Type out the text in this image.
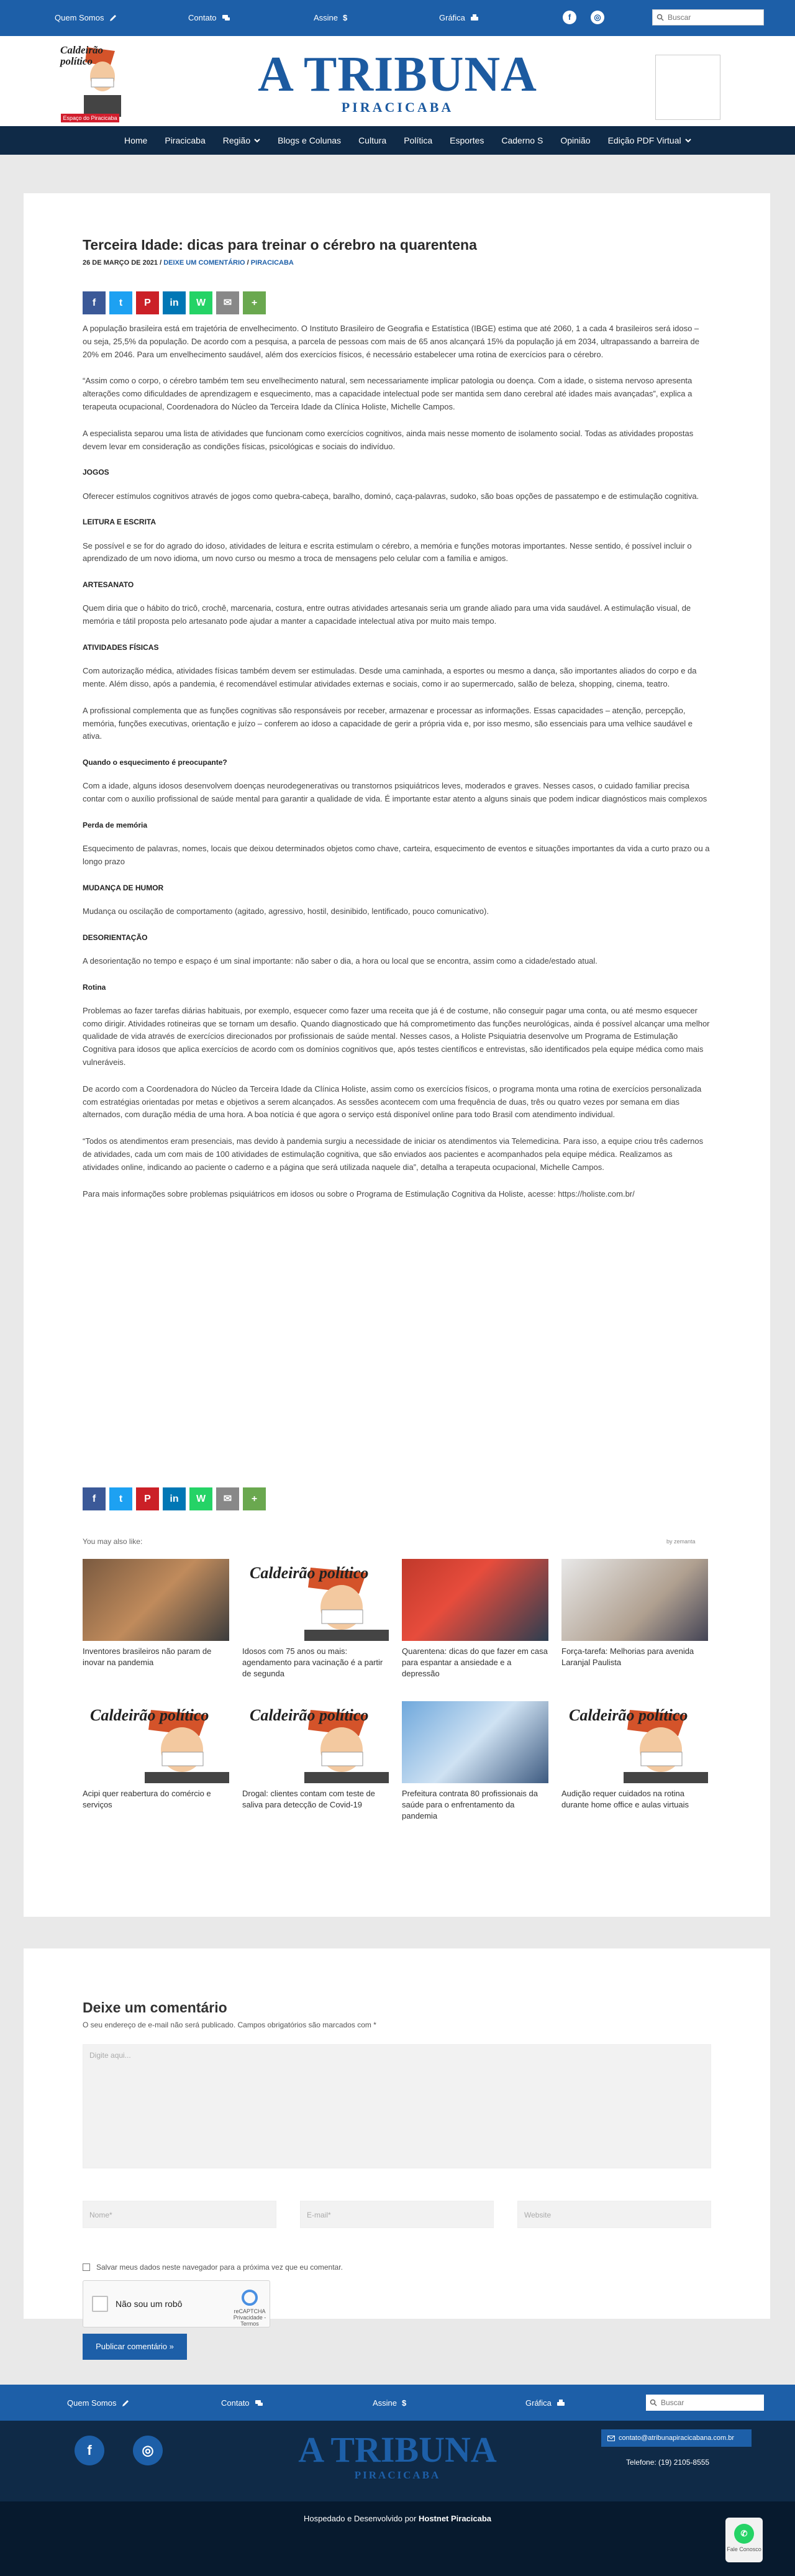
Quem Somos	Contato	Assine $	Gráfica	f	◎
Buscar
Caldeirão político
Espaço do Piracicaba
A TRIBUNA
PIRACICABA
Home Piracicaba Região	Blogs e Colunas Cultura Política Esportes Caderno S Opinião Edição PDF Virtual
Terceira Idade: dicas para treinar o cérebro na quarentena
26 DE MARÇO DE 2021 / DEIXE UM COMENTÁRIO / PIRACICABA
f	t	P	in	W	✉	+

A população brasileira está em trajetória de envelhecimento. O Instituto Brasileiro de Geografia e Estatística (IBGE) estima que até 2060, 1 a cada 4 brasileiros será idoso – ou seja, 25,5% da população. De acordo com a pesquisa, a parcela de pessoas com mais de 65 anos alcançará 15% da população já em 2034, ultrapassando a barreira de 20% em 2046. Para um envelhecimento saudável, além dos exercícios físicos, é necessário estabelecer uma rotina de exercícios para o cérebro.

“Assim como o corpo, o cérebro também tem seu envelhecimento natural, sem necessariamente implicar patologia ou doença. Com a idade, o sistema nervoso apresenta alterações como dificuldades de aprendizagem e esquecimento, mas a capacidade intelectual pode ser mantida sem dano cerebral até idades mais avançadas”, explica a terapeuta ocupacional, Coordenadora do Núcleo da Terceira Idade da Clínica Holiste, Michelle Campos.

A especialista separou uma lista de atividades que funcionam como exercícios cognitivos, ainda mais nesse momento de isolamento social. Todas as atividades propostas devem levar em consideração as condições físicas, psicológicas e sociais do indivíduo.

JOGOS

Oferecer estímulos cognitivos através de jogos como quebra-cabeça, baralho, dominó, caça-palavras, sudoko, são boas opções de passatempo e de estimulação cognitiva.

LEITURA E ESCRITA

Se possível e se for do agrado do idoso, atividades de leitura e escrita estimulam o cérebro, a memória e funções motoras importantes. Nesse sentido, é possível incluir o aprendizado de um novo idioma, um novo curso ou mesmo a troca de mensagens pelo celular com a família e amigos.

ARTESANATO

Quem diria que o hábito do tricô, crochê, marcenaria, costura, entre outras atividades artesanais seria um grande aliado para uma vida saudável. A estimulação visual, de memória e tátil proposta pelo artesanato pode ajudar a manter a capacidade intelectual ativa por muito mais tempo.

ATIVIDADES FÍSICAS

Com autorização médica, atividades físicas também devem ser estimuladas. Desde uma caminhada, a esportes ou mesmo a dança, são importantes aliados do corpo e da mente. Além disso, após a pandemia, é recomendável estimular atividades externas e sociais, como ir ao supermercado, salão de beleza, shopping, cinema, teatro.

A profissional complementa que as funções cognitivas são responsáveis por receber, armazenar e processar as informações. Essas capacidades – atenção, percepção, memória, funções executivas, orientação e juízo – conferem ao idoso a capacidade de gerir a própria vida e, por isso mesmo, são essenciais para uma velhice saudável e ativa.

Quando o esquecimento é preocupante?

Com a idade, alguns idosos desenvolvem doenças neurodegenerativas ou transtornos psiquiátricos leves, moderados e graves. Nesses casos, o cuidado familiar precisa contar com o auxílio profissional de saúde mental para garantir a qualidade de vida. É importante estar atento a alguns sinais que podem indicar diagnósticos mais complexos

Perda de memória

Esquecimento de palavras, nomes, locais que deixou determinados objetos como chave, carteira, esquecimento de eventos e situações importantes da vida a curto prazo ou a longo prazo

MUDANÇA DE HUMOR

Mudança ou oscilação de comportamento (agitado, agressivo, hostil, desinibido, lentificado, pouco comunicativo).

DESORIENTAÇÃO

A desorientação no tempo e espaço é um sinal importante: não saber o dia, a hora ou local que se encontra, assim como a cidade/estado atual.

Rotina

Problemas ao fazer tarefas diárias habituais, por exemplo, esquecer como fazer uma receita que já é de costume, não conseguir pagar uma conta, ou até mesmo esquecer como dirigir. Atividades rotineiras que se tornam um desafio. Quando diagnosticado que há comprometimento das funções neurológicas, ainda é possível alcançar uma melhor qualidade de vida através de exercícios direcionados por profissionais de saúde mental. Nesses casos, a Holiste Psiquiatria desenvolve um Programa de Estimulação Cognitiva para idosos que aplica exercícios de acordo com os domínios cognitivos que, após testes científicos e entrevistas, são identificados pela equipe médica como mais vulneráveis.

De acordo com a Coordenadora do Núcleo da Terceira Idade da Clínica Holiste, assim como os exercícios físicos, o programa monta uma rotina de exercícios personalizada com estratégias orientadas por metas e objetivos a serem alcançados. As sessões acontecem com uma frequência de duas, três ou quatro vezes por semana em dias alternados, com duração média de uma hora. A boa notícia é que agora o serviço está disponível online para todo Brasil com atendimento individual.

“Todos os atendimentos eram presenciais, mas devido à pandemia surgiu a necessidade de iniciar os atendimentos via Telemedicina. Para isso, a equipe criou três cadernos de atividades, cada um com mais de 100 atividades de estimulação cognitiva, que são enviados aos pacientes e acompanhados pela equipe médica. Realizamos as atividades online, indicando ao paciente o caderno e a página que será utilizada naquele dia”, detalha a terapeuta ocupacional, Michelle Campos.

Para mais informações sobre problemas psiquiátricos em idosos ou sobre o Programa de Estimulação Cognitiva da Holiste, acesse: https://holiste.com.br/

f	t	P	in	W	✉	+
You may also like:	by zemanta
Inventores brasileiros não param de inovar na pandemia
Caldeirão político
Idosos com 75 anos ou mais: agendamento para vacinação é a partir de segunda
Quarentena: dicas do que fazer em casa para espantar a ansiedade e a depressão
Força-tarefa: Melhorias para avenida Laranjal Paulista
Caldeirão político
Acipi quer reabertura do comércio e serviços
Caldeirão político
Drogal: clientes contam com teste de saliva para detecção de Covid-19
Prefeitura contrata 80 profissionais da saúde para o enfrentamento da pandemia
Caldeirão político
Audição requer cuidados na rotina durante home office e aulas virtuais
Deixe um comentário
O seu endereço de e-mail não será publicado. Campos obrigatórios são marcados com *
Digite aqui...
Nome*	E-mail*	Website
Salvar meus dados neste navegador para a próxima vez que eu comentar.
Não sou um robô
reCAPTCHA
Privacidade - Termos
Publicar comentário »
Quem Somos	Contato	Assine $	Gráfica
Buscar
f	◎	A TRIBUNA
PIRACICABA
contato@atribunapiracicabana.com.br
Telefone: (19) 2105-8555
Hospedado e Desenvolvido por Hostnet Piracicaba
✆
Fale Conosco
